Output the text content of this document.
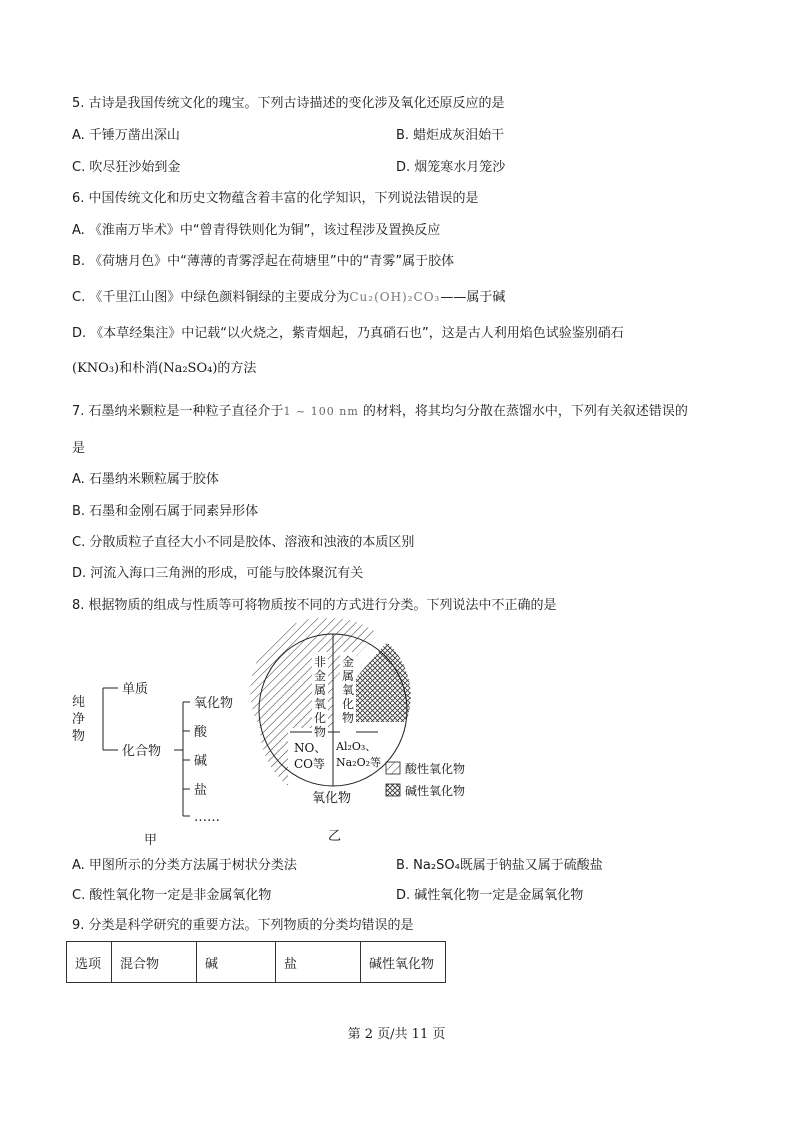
5. 古诗是我国传统文化的瑰宝。下列古诗描述的变化涉及氧化还原反应的是
A. 千锤万凿出深山	B. 蜡炬成灰泪始干
C. 吹尽狂沙始到金	D. 烟笼寒水月笼沙
6. 中国传统文化和历史文物蕴含着丰富的化学知识，下列说法错误的是
A. 《淮南万毕术》中“曾青得铁则化为铜”，该过程涉及置换反应
B. 《荷塘月色》中“薄薄的青雾浮起在荷塘里”中的“青雾”属于胶体
C. 《千里江山图》中绿色颜料铜绿的主要成分为Cu₂(OH)₂CO₃——属于碱
D. 《本草经集注》中记载“以火烧之，紫青烟起，乃真硝石也”，这是古人利用焰色试验鉴别硝石
(KNO₃)和朴消(Na₂SO₄)的方法
7. 石墨纳米颗粒是一种粒子直径介于1 ~ 100 nm 的材料，将其均匀分散在蒸馏水中，下列有关叙述错误的
是
A. 石墨纳米颗粒属于胶体
B. 石墨和金刚石属于同素异形体
C. 分散质粒子直径大小不同是胶体、溶液和浊液的本质区别
D. 河流入海口三角洲的形成，可能与胶体聚沉有关
8. 根据物质的组成与性质等可将物质按不同的方式进行分类。下列说法中不正确的是
纯
净
物
单质
化合物
氧化物
酸
碱
盐
……
甲
非
金
属
氧
化
物
金
属
氧
化
物
NO、
CO等
Al₂O₃、
Na₂O₂等
氧化物
乙
酸性氧化物
碱性氧化物
A. 甲图所示的分类方法属于树状分类法	B. Na₂SO₄既属于钠盐又属于硫酸盐
C. 酸性氧化物一定是非金属氧化物	D. 碱性氧化物一定是金属氧化物
9. 分类是科学研究的重要方法。下列物质的分类均错误的是
选项	混合物	碱	盐	碱性氧化物
第 2 页/共 11 页
